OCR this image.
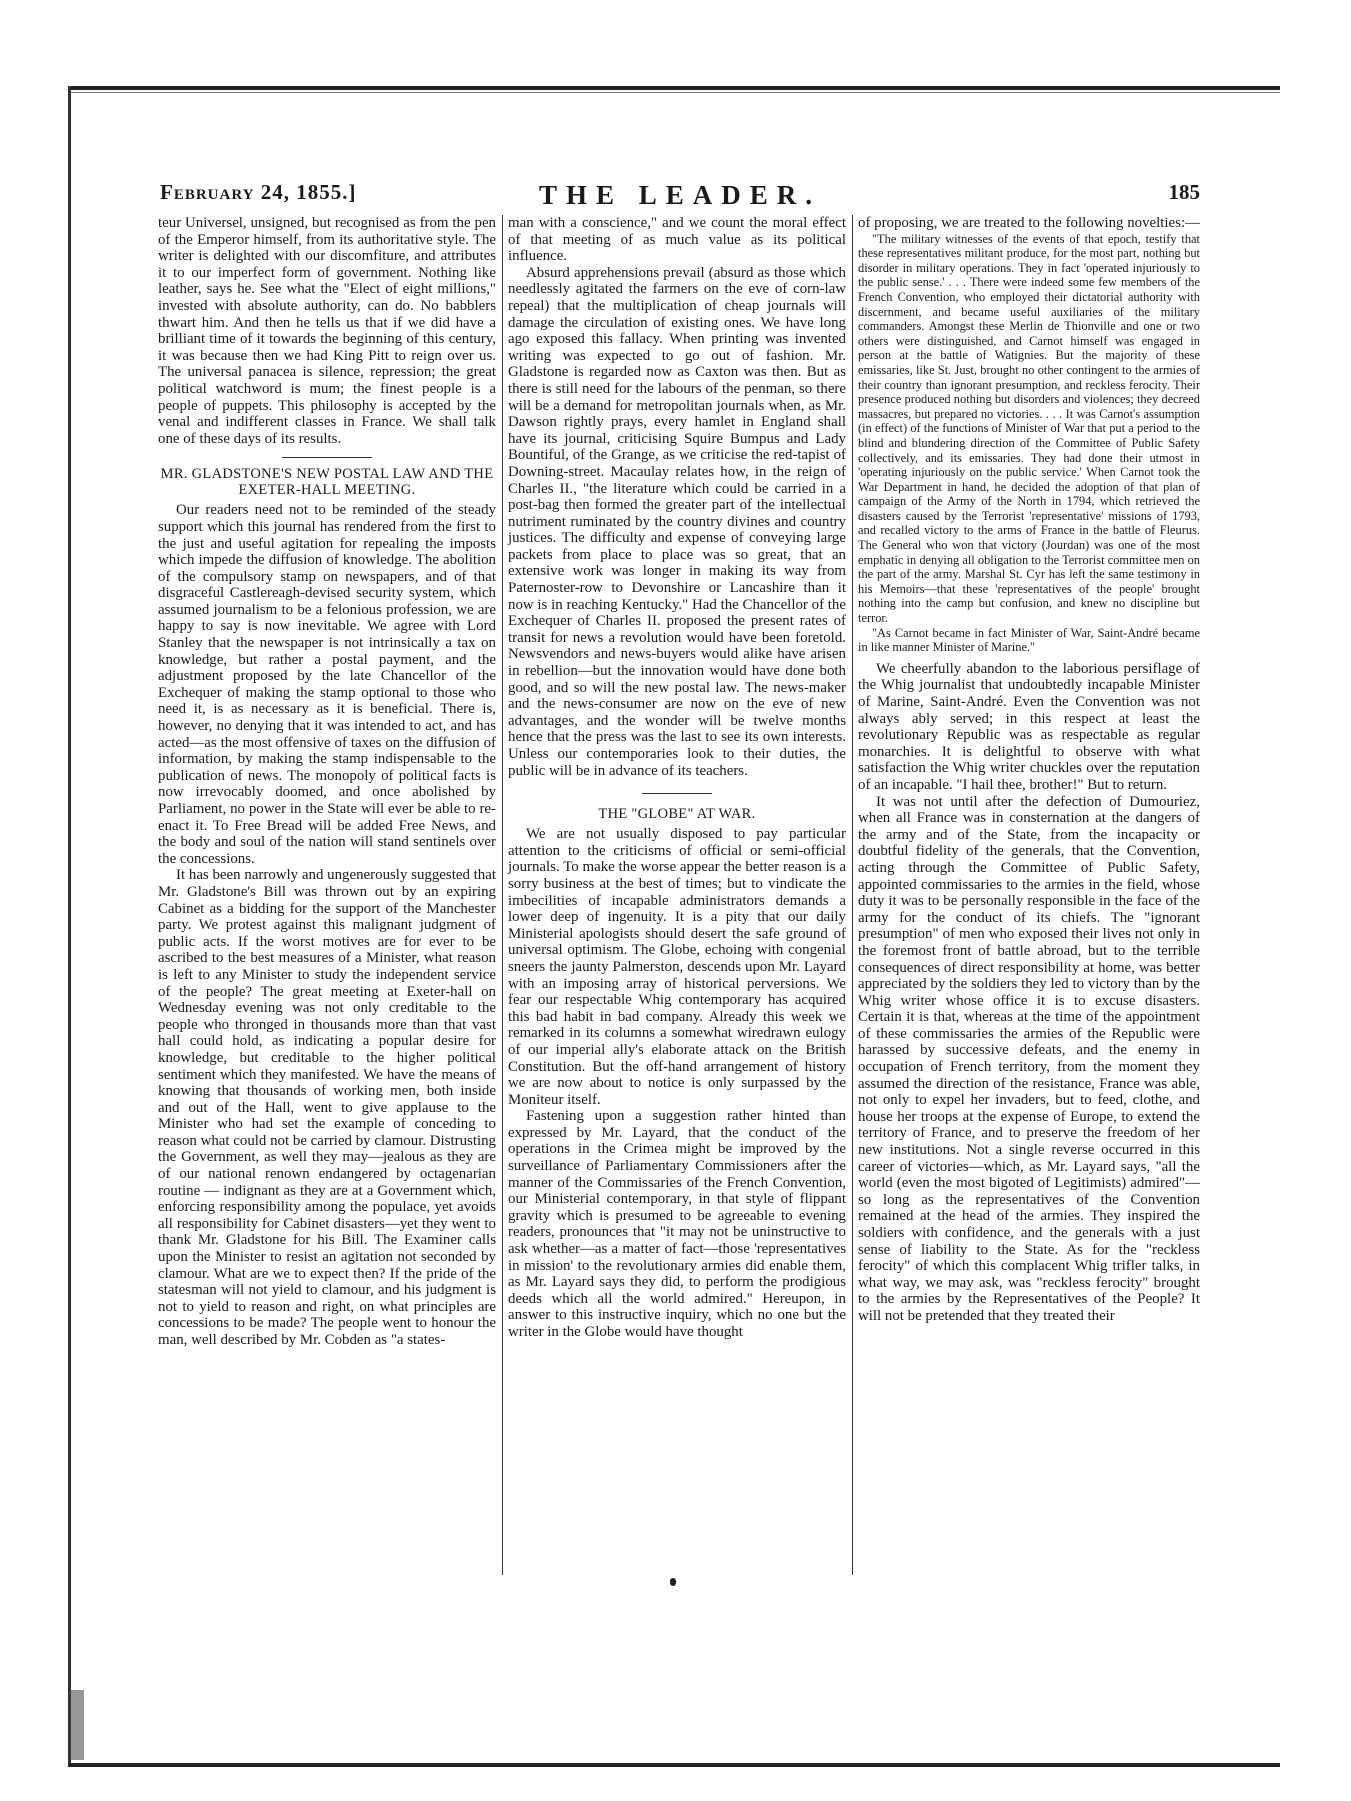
February 24, 1855.]	THE LEADER.	185

teur Universel, unsigned, but recognised as from the pen of the Emperor himself, from its authoritative style. The writer is delighted with our discomfiture, and attributes it to our imperfect form of government. Nothing like leather, says he. See what the "Elect of eight millions," invested with absolute authority, can do. No babblers thwart him. And then he tells us that if we did have a brilliant time of it towards the beginning of this century, it was because then we had King Pitt to reign over us. The universal panacea is silence, repression; the great political watchword is mum; the finest people is a people of puppets. This philosophy is accepted by the venal and indifferent classes in France. We shall talk one of these days of its results.

MR. GLADSTONE'S NEW POSTAL LAW AND THE EXETER-HALL MEETING.

Our readers need not to be reminded of the steady support which this journal has rendered from the first to the just and useful agitation for repealing the imposts which impede the diffusion of knowledge. The abolition of the compulsory stamp on newspapers, and of that disgraceful Castlereagh-devised security system, which assumed journalism to be a felonious profession, we are happy to say is now inevitable. We agree with Lord Stanley that the newspaper is not intrinsically a tax on knowledge, but rather a postal payment, and the adjustment proposed by the late Chancellor of the Exchequer of making the stamp optional to those who need it, is as necessary as it is beneficial. There is, however, no denying that it was intended to act, and has acted—as the most offensive of taxes on the diffusion of information, by making the stamp indispensable to the publication of news. The monopoly of political facts is now irrevocably doomed, and once abolished by Parliament, no power in the State will ever be able to re-enact it. To Free Bread will be added Free News, and the body and soul of the nation will stand sentinels over the concessions.

It has been narrowly and ungenerously suggested that Mr. Gladstone's Bill was thrown out by an expiring Cabinet as a bidding for the support of the Manchester party. We protest against this malignant judgment of public acts. If the worst motives are for ever to be ascribed to the best measures of a Minister, what reason is left to any Minister to study the independent service of the people? The great meeting at Exeter-hall on Wednesday evening was not only creditable to the people who thronged in thousands more than that vast hall could hold, as indicating a popular desire for knowledge, but creditable to the higher political sentiment which they manifested. We have the means of knowing that thousands of working men, both inside and out of the Hall, went to give applause to the Minister who had set the example of conceding to reason what could not be carried by clamour. Distrusting the Government, as well they may—jealous as they are of our national renown endangered by octagenarian routine — indignant as they are at a Government which, enforcing responsibility among the populace, yet avoids all responsibility for Cabinet disasters—yet they went to thank Mr. Gladstone for his Bill. The Examiner calls upon the Minister to resist an agitation not seconded by clamour. What are we to expect then? If the pride of the statesman will not yield to clamour, and his judgment is not to yield to reason and right, on what principles are concessions to be made? The people went to honour the man, well described by Mr. Cobden as "a states-

man with a conscience," and we count the moral effect of that meeting of as much value as its political influence.

Absurd apprehensions prevail (absurd as those which needlessly agitated the farmers on the eve of corn-law repeal) that the multiplication of cheap journals will damage the circulation of existing ones. We have long ago exposed this fallacy. When printing was invented writing was expected to go out of fashion. Mr. Gladstone is regarded now as Caxton was then. But as there is still need for the labours of the penman, so there will be a demand for metropolitan journals when, as Mr. Dawson rightly prays, every hamlet in England shall have its journal, criticising Squire Bumpus and Lady Bountiful, of the Grange, as we criticise the red-tapist of Downing-street. Macaulay relates how, in the reign of Charles II., "the literature which could be carried in a post-bag then formed the greater part of the intellectual nutriment ruminated by the country divines and country justices. The difficulty and expense of conveying large packets from place to place was so great, that an extensive work was longer in making its way from Paternoster-row to Devonshire or Lancashire than it now is in reaching Kentucky." Had the Chancellor of the Exchequer of Charles II. proposed the present rates of transit for news a revolution would have been foretold. Newsvendors and news-buyers would alike have arisen in rebellion—but the innovation would have done both good, and so will the new postal law. The news-maker and the news-consumer are now on the eve of new advantages, and the wonder will be twelve months hence that the press was the last to see its own interests. Unless our contemporaries look to their duties, the public will be in advance of its teachers.

THE "GLOBE" AT WAR.

We are not usually disposed to pay particular attention to the criticisms of official or semi-official journals. To make the worse appear the better reason is a sorry business at the best of times; but to vindicate the imbecilities of incapable administrators demands a lower deep of ingenuity. It is a pity that our daily Ministerial apologists should desert the safe ground of universal optimism. The Globe, echoing with congenial sneers the jaunty Palmerston, descends upon Mr. Layard with an imposing array of historical perversions. We fear our respectable Whig contemporary has acquired this bad habit in bad company. Already this week we remarked in its columns a somewhat wiredrawn eulogy of our imperial ally's elaborate attack on the British Constitution. But the off-hand arrangement of history we are now about to notice is only surpassed by the Moniteur itself.

Fastening upon a suggestion rather hinted than expressed by Mr. Layard, that the conduct of the operations in the Crimea might be improved by the surveillance of Parliamentary Commissioners after the manner of the Commissaries of the French Convention, our Ministerial contemporary, in that style of flippant gravity which is presumed to be agreeable to evening readers, pronounces that "it may not be uninstructive to ask whether—as a matter of fact—those 'representatives in mission' to the revolutionary armies did enable them, as Mr. Layard says they did, to perform the prodigious deeds which all the world admired." Hereupon, in answer to this instructive inquiry, which no one but the writer in the Globe would have thought

of proposing, we are treated to the following novelties:—

"The military witnesses of the events of that epoch, testify that these representatives militant produce, for the most part, nothing but disorder in military operations. They in fact 'operated injuriously to the public sense.' . . . There were indeed some few members of the French Convention, who employed their dictatorial authority with discernment, and became useful auxiliaries of the military commanders. Amongst these Merlin de Thionville and one or two others were distinguished, and Carnot himself was engaged in person at the battle of Watignies. But the majority of these emissaries, like St. Just, brought no other contingent to the armies of their country than ignorant presumption, and reckless ferocity. Their presence produced nothing but disorders and violences; they decreed massacres, but prepared no victories. . . . It was Carnot's assumption (in effect) of the functions of Minister of War that put a period to the blind and blundering direction of the Committee of Public Safety collectively, and its emissaries. They had done their utmost in 'operating injuriously on the public service.' When Carnot took the War Department in hand, he decided the adoption of that plan of campaign of the Army of the North in 1794, which retrieved the disasters caused by the Terrorist 'representative' missions of 1793, and recalled victory to the arms of France in the battle of Fleurus. The General who won that victory (Jourdan) was one of the most emphatic in denying all obligation to the Terrorist committee men on the part of the army. Marshal St. Cyr has left the same testimony in his Memoirs—that these 'representatives of the people' brought nothing into the camp but confusion, and knew no discipline but terror.

"As Carnot became in fact Minister of War, Saint-André became in like manner Minister of Marine."

We cheerfully abandon to the laborious persiflage of the Whig journalist that undoubtedly incapable Minister of Marine, Saint-André. Even the Convention was not always ably served; in this respect at least the revolutionary Republic was as respectable as regular monarchies. It is delightful to observe with what satisfaction the Whig writer chuckles over the reputation of an incapable. "I hail thee, brother!" But to return.

It was not until after the defection of Dumouriez, when all France was in consternation at the dangers of the army and of the State, from the incapacity or doubtful fidelity of the generals, that the Convention, acting through the Committee of Public Safety, appointed commissaries to the armies in the field, whose duty it was to be personally responsible in the face of the army for the conduct of its chiefs. The "ignorant presumption" of men who exposed their lives not only in the foremost front of battle abroad, but to the terrible consequences of direct responsibility at home, was better appreciated by the soldiers they led to victory than by the Whig writer whose office it is to excuse disasters. Certain it is that, whereas at the time of the appointment of these commissaries the armies of the Republic were harassed by successive defeats, and the enemy in occupation of French territory, from the moment they assumed the direction of the resistance, France was able, not only to expel her invaders, but to feed, clothe, and house her troops at the expense of Europe, to extend the territory of France, and to preserve the freedom of her new institutions. Not a single reverse occurred in this career of victories—which, as Mr. Layard says, "all the world (even the most bigoted of Legitimists) admired"—so long as the representatives of the Convention remained at the head of the armies. They inspired the soldiers with confidence, and the generals with a just sense of liability to the State. As for the "reckless ferocity" of which this complacent Whig trifler talks, in what way, we may ask, was "reckless ferocity" brought to the armies by the Representatives of the People? It will not be pretended that they treated their
